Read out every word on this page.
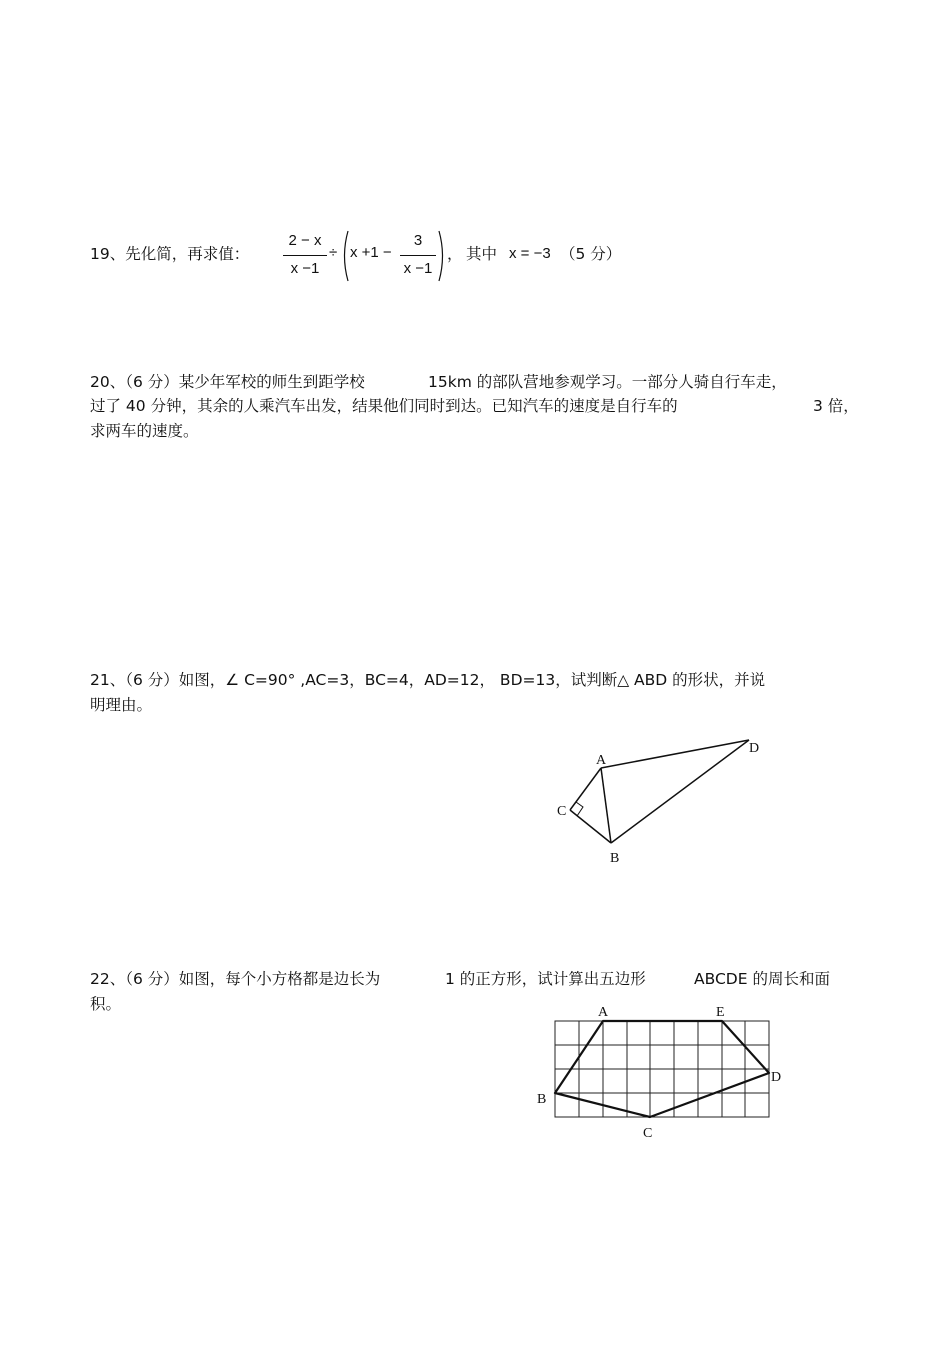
19、先化简，再求值：
2 − x
x −1
÷ x +1 −
3
x −1
， 其中 x = −3 （5 分）
20、（6 分）某少年军校的师生到距学校	15km 的部队营地参观学习。一部分人骑自行车走，
过了 40 分钟，其余的人乘汽车出发，结果他们同时到达。已知汽车的速度是自行车的	3 倍，
求两车的速度。
21、（6 分）如图，∠ C=90° ,AC=3，BC=4，AD=12， BD=13，试判断△ ABD 的形状，并说
明理由。
A
D
C
B
22、（6 分）如图，每个小方格都是边长为	1 的正方形，试计算出五边形	ABCDE 的周长和面
积。	A	E
D
B
C
